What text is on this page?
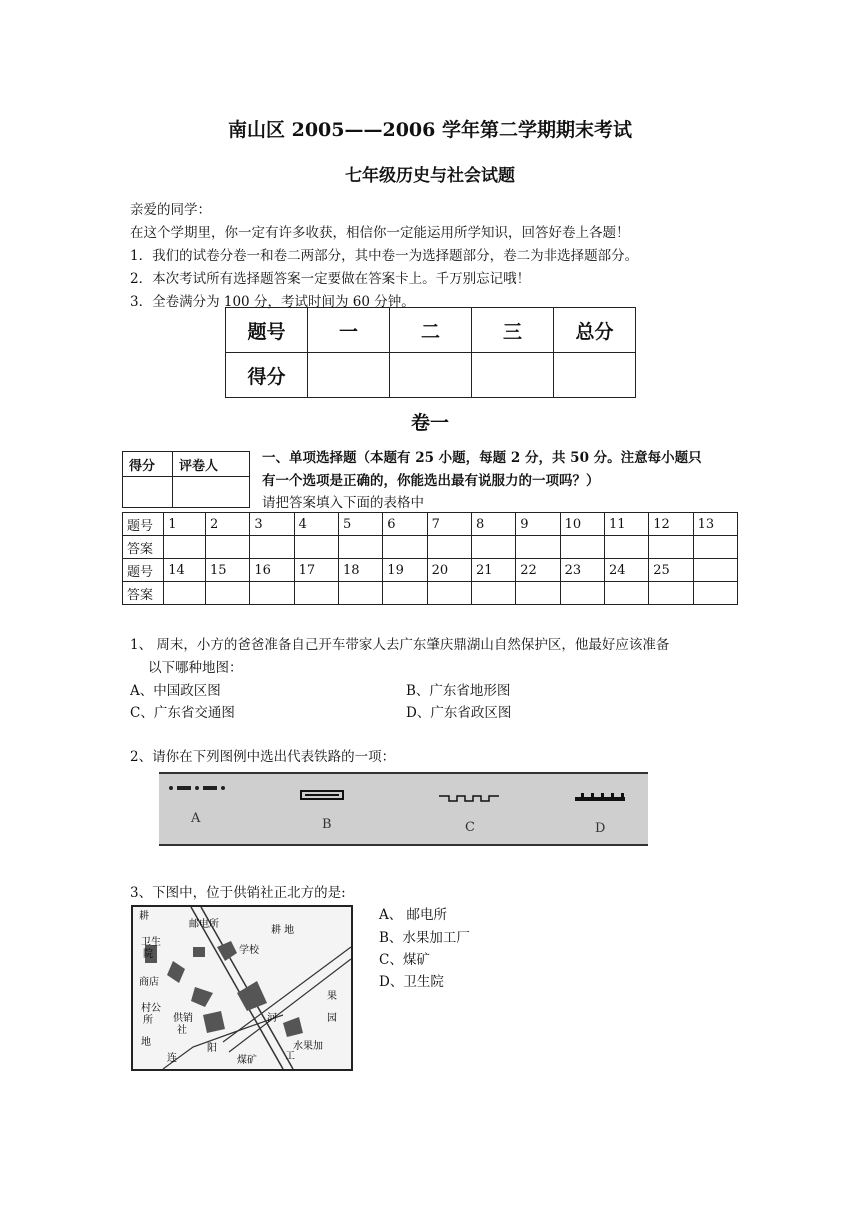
南山区 2005——2006 学年第二学期期末考试
七年级历史与社会试题
亲爱的同学：
在这个学期里，你一定有许多收获，相信你一定能运用所学知识，回答好卷上各题！
1．我们的试卷分卷一和卷二两部分，其中卷一为选择题部分，卷二为非选择题部分。
2．本次考试所有选择题答案一定要做在答案卡上。千万别忘记哦！
3．全卷满分为 100 分，考试时间为 60 分钟。
题号	一	二	三	总分
得分				
卷一
得分	评卷人
		一、单项选择题（本题有 25 小题，每题 2 分，共 50 分。注意每小题只
有一个选项是正确的，你能选出最有说服力的一项吗？）
请把答案填入下面的表格中
题号	1	2	3	4	5	6	7	8	9	10	11	12	13
答案													
题号	14	15	16	17	18	19	20	21	22	23	24	25	
答案													
1、 周末，小方的爸爸准备自己开车带家人去广东肇庆鼎湖山自然保护区，他最好应该准备
以下哪种地图：
A、中国政区图	B、广东省地形图
C、广东省交通图	D、广东省政区图
2、请你在下列图例中选出代表铁路的一项：
A	B	C	D
3、下图中，位于供销社正北方的是:
A、 邮电所
B、水果加工厂
C、煤矿
D、卫生院
耕
邮电所
耕 地
卫生
院	学校
商店
果
园
村公
所 供销
社
河
地	水果加
工
连
阳
煤矿
